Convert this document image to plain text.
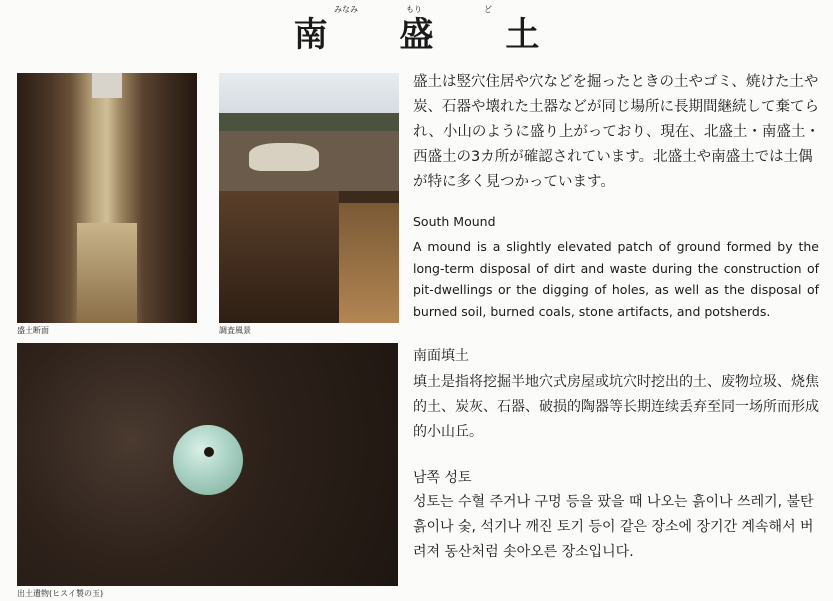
みなみ	もり	ど
南 盛 土
盛土断面	調査風景
出土遺物(ヒスイ製の玉)
盛土は竪穴住居や穴などを掘ったときの土やゴミ、焼けた土や炭、石器や壊れた土器などが同じ場所に長期間継続して棄てられ、小山のように盛り上がっており、現在、北盛土・南盛土・西盛土の3カ所が確認されています。北盛土や南盛土では土偶が特に多く見つかっています。
South Mound
A mound is a slightly elevated patch of ground formed by the long-term disposal of dirt and waste during the construction of pit-dwellings or the digging of holes, as well as the disposal of burned soil, burned coals, stone artifacts, and potsherds.
南面填土
填土是指将挖掘半地穴式房屋或坑穴时挖出的土、废物垃圾、烧焦的土、炭灰、石器、破损的陶器等长期连续丢弃至同一场所而形成的小山丘。
남쪽 성토
성토는 수혈 주거나 구멍 등을 팠을 때 나오는 흙이나 쓰레기, 불탄 흙이나 숯, 석기나 깨진 토기 등이 같은 장소에 장기간 계속해서 버려져 동산처럼 솟아오른 장소입니다.
